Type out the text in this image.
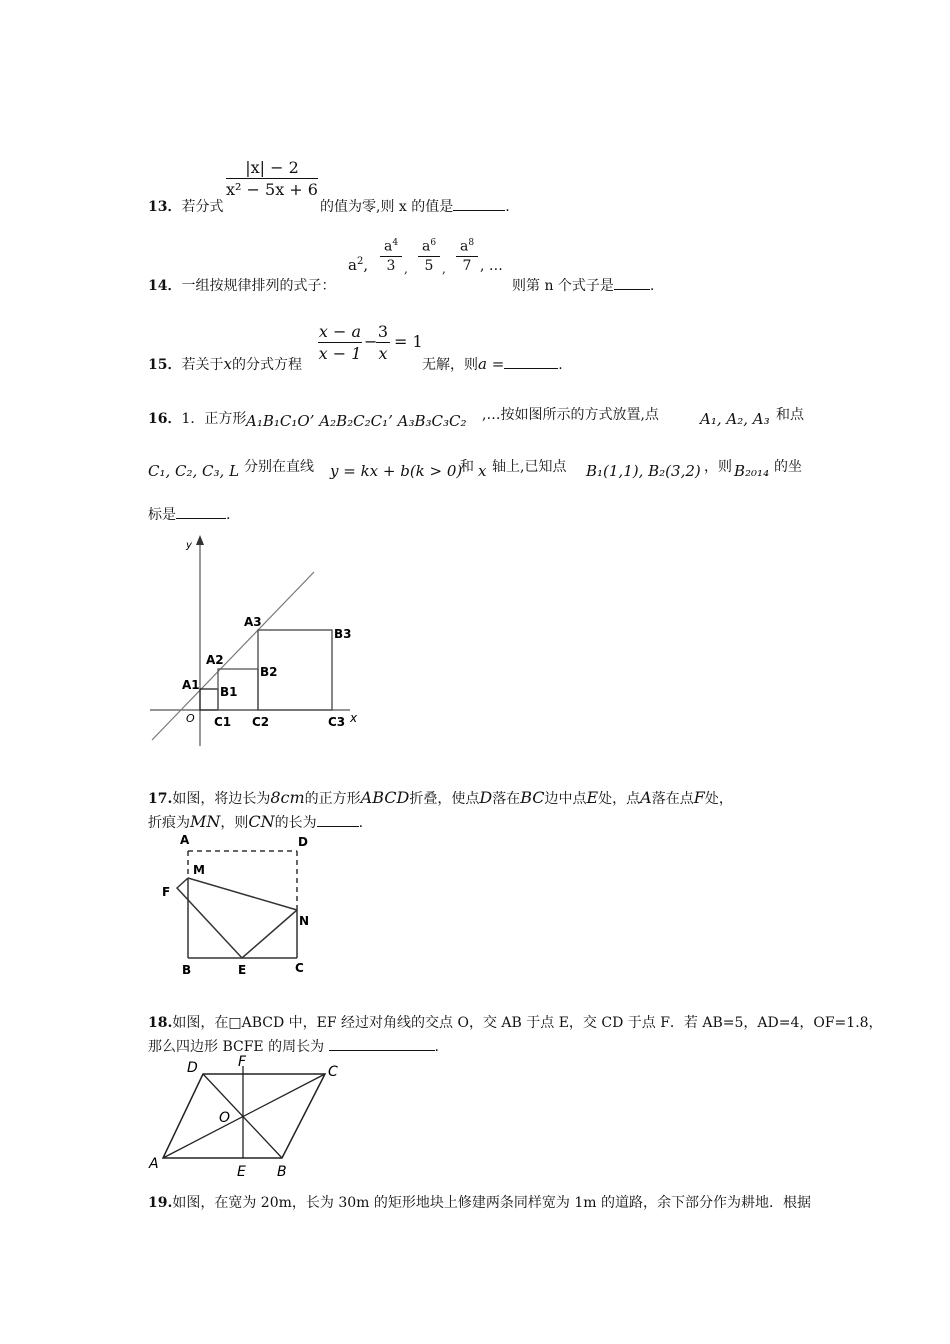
|x| − 2
x² − 5x + 6
13．若分式	的值为零,则 x 的值是	.
14．一组按规律排列的式子：
$a^2$,
$a^4$
3 ,
$a^6$
5 ,
$a^8$
7 , …
则第 n 个式子是	.
15．若关于x的分式方程
x − a
x − 1
−
3
x
= 1
无解，则a =	.
16．1．正方形 A₁B₁C₁O’ A₂B₂C₂C₁’ A₃B₃C₃C₂ ,…按如图所示的方式放置,点	A₁, A₂, A₃ 和点
C₁, C₂, C₃, L 分别在直线 y = kx + b(k > 0)
和 x 轴上,已知点 B₁(1,1), B₂(3,2) ，则 B₂₀₁₄ 的坐
标是	.
y
x
O
A1 B1
C1
A2
B2
C2
A3
B3
C3
17.如图，将边长为8cm的正方形ABCD折叠，使点D落在BC边中点E处，点A落在点F处，
折痕为MN，则CN的长为	.
A	D
M
F
N
B	E	C
18.如图，在□ABCD 中，EF 经过对角线的交点 O，交 AB 于点 E，交 CD 于点 F．若 AB=5，AD=4，OF=1.8，
那么四边形 BCFE 的周长为	.
D	F
C
O
A	E B
19.如图，在宽为 20m，长为 30m 的矩形地块上修建两条同样宽为 1m 的道路，余下部分作为耕地．根据
